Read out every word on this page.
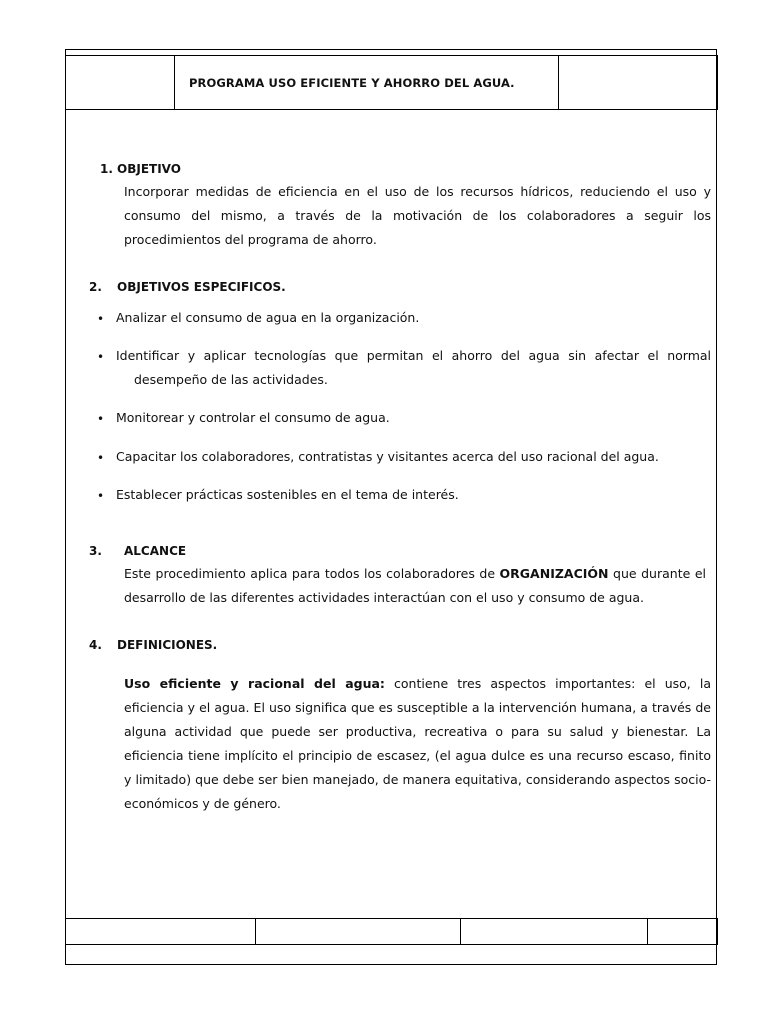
PROGRAMA USO EFICIENTE Y AHORRO DEL AGUA.
1. OBJETIVO
Incorporar medidas de eficiencia en el uso de los recursos hídricos, reduciendo el uso y consumo del mismo, a través de la motivación de los colaboradores a seguir los procedimientos del programa de ahorro.
2. OBJETIVOS ESPECIFICOS.
• Analizar el consumo de agua en la organización.
• Identificar y aplicar tecnologías que permitan el ahorro del agua sin afectar el normal
desempeño de las actividades.
• Monitorear y controlar el consumo de agua.
• Capacitar los colaboradores, contratistas y visitantes acerca del uso racional del agua.
• Establecer prácticas sostenibles en el tema de interés.
3. ALCANCE
Este procedimiento aplica para todos los colaboradores de ORGANIZACIÓN que durante el desarrollo de las diferentes actividades interactúan con el uso y consumo de agua.
4. DEFINICIONES.
Uso eficiente y racional del agua: contiene tres aspectos importantes: el uso, la eficiencia y el agua. El uso significa que es susceptible a la intervención humana, a través de alguna actividad que puede ser productiva, recreativa o para su salud y bienestar. La eficiencia tiene implícito el principio de escasez, (el agua dulce es una recurso escaso, finito y limitado) que debe ser bien manejado, de manera equitativa, considerando aspectos socio-económicos y de género.
